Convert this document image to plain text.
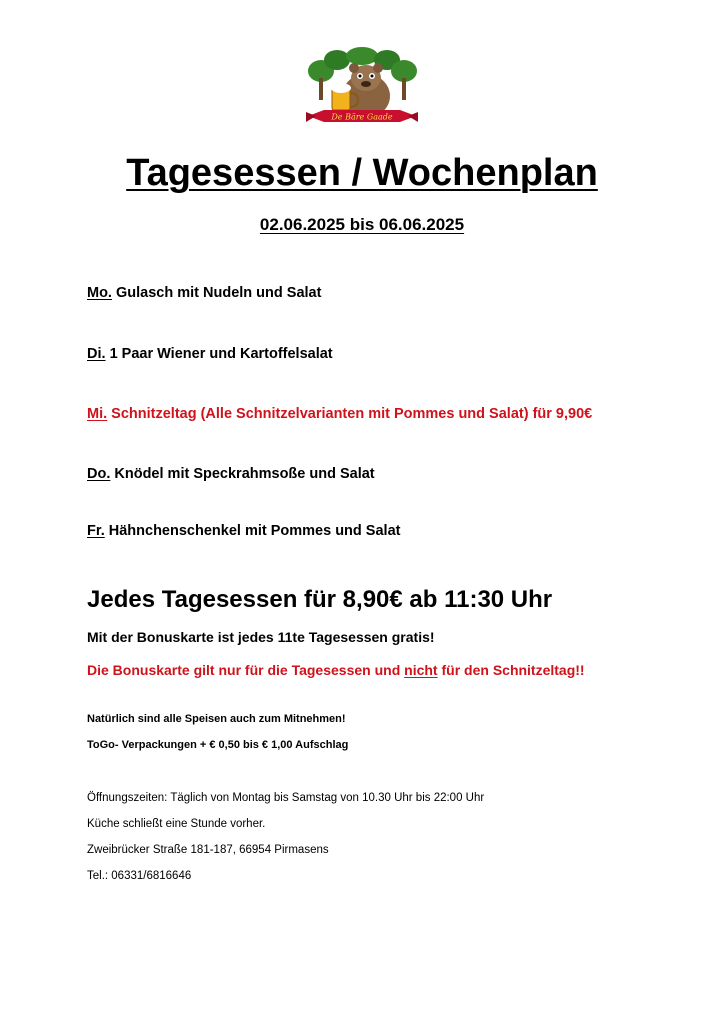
De Bäre Gaade
Tagesessen / Wochenplan
02.06.2025 bis 06.06.2025
Mo. Gulasch mit Nudeln und Salat
Di. 1 Paar Wiener und Kartoffelsalat
Mi. Schnitzeltag (Alle Schnitzelvarianten mit Pommes und Salat) für 9,90€
Do. Knödel mit Speckrahmsoße und Salat
Fr. Hähnchenschenkel mit Pommes und Salat
Jedes Tagesessen für 8,90€ ab 11:30 Uhr
Mit der Bonuskarte ist jedes 11te Tagesessen gratis!
Die Bonuskarte gilt nur für die Tagesessen und nicht für den Schnitzeltag!!
Natürlich sind alle Speisen auch zum Mitnehmen!
ToGo- Verpackungen + € 0,50 bis € 1,00 Aufschlag
Öffnungszeiten: Täglich von Montag bis Samstag von 10.30 Uhr bis 22:00 Uhr
Küche schließt eine Stunde vorher.
Zweibrücker Straße 181-187, 66954 Pirmasens
Tel.: 06331/6816646
